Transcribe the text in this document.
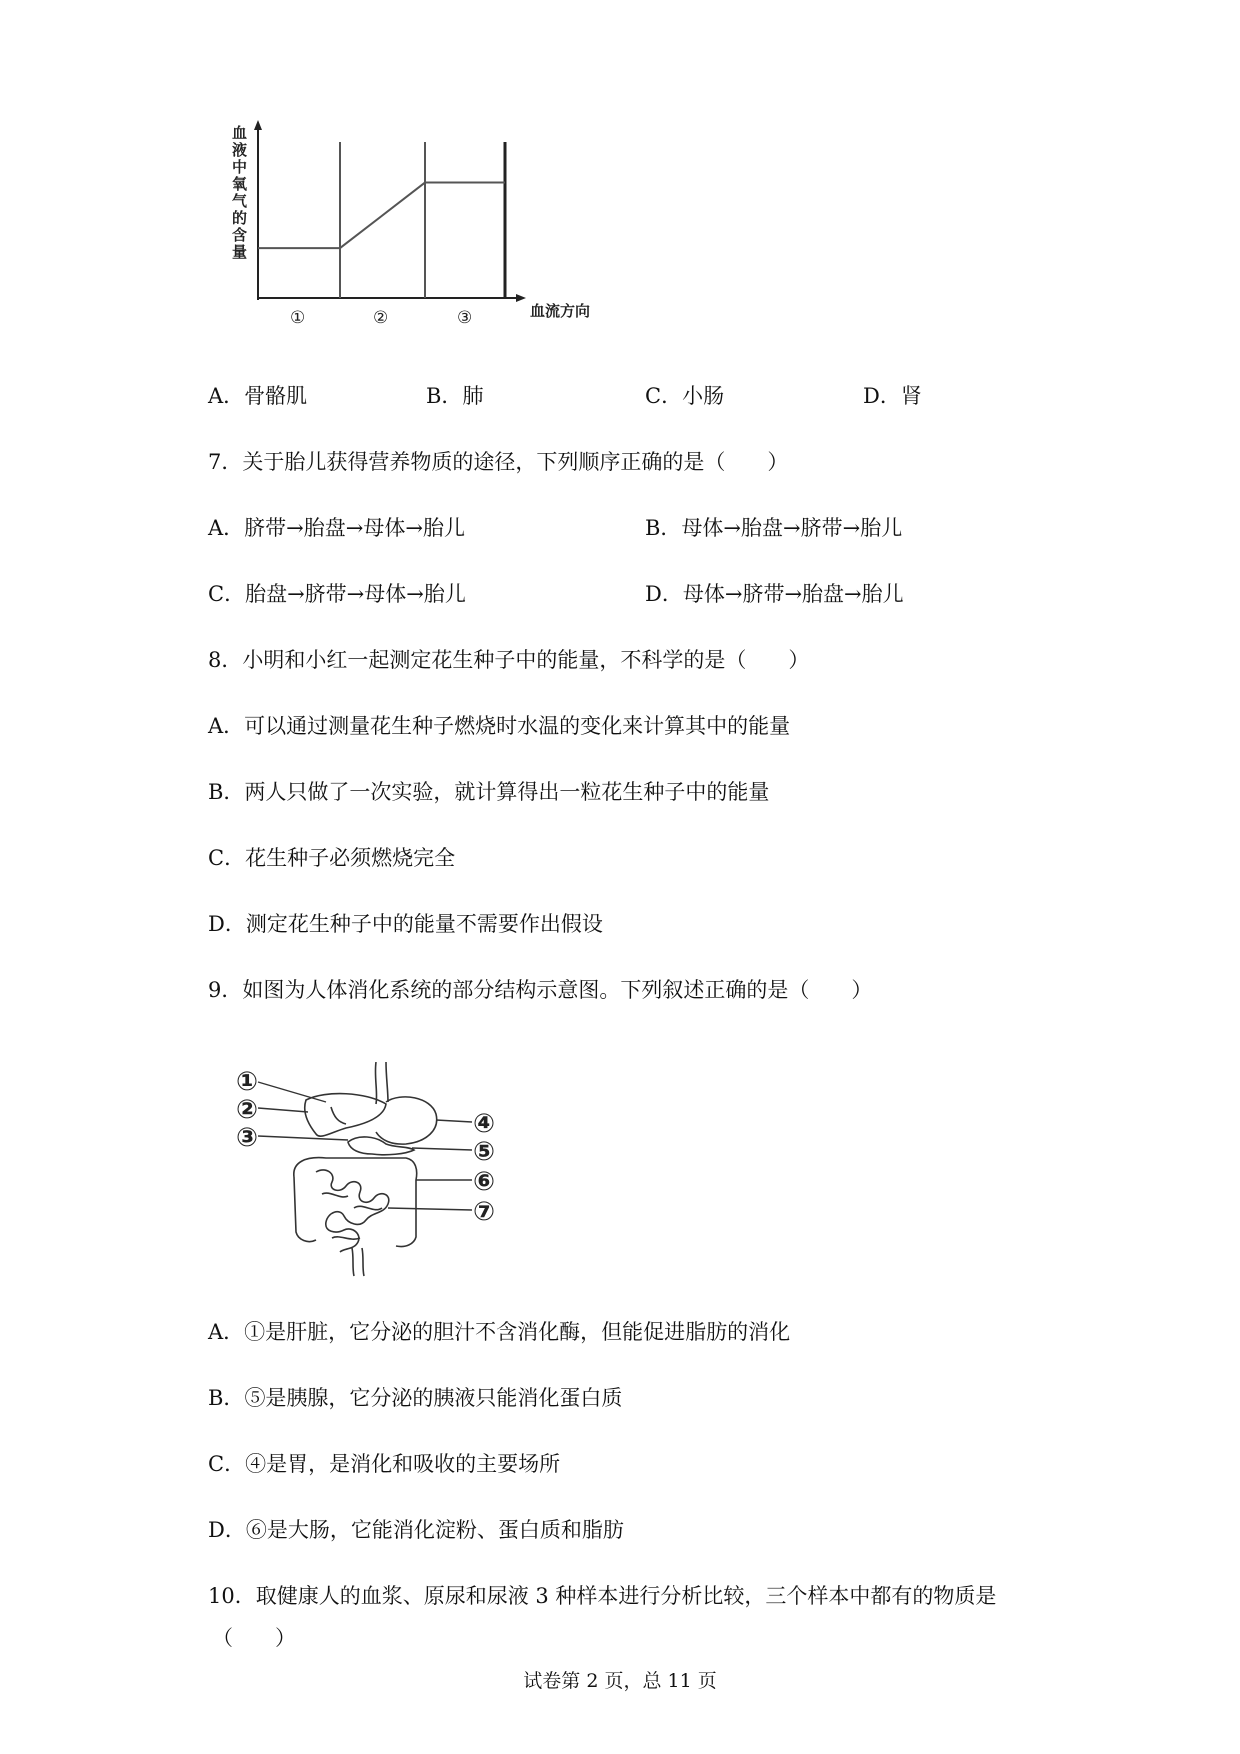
血液中氧气的含量
①	②	③	血流方向
A．骨骼肌	B．肺	C．小肠	D．肾
7．关于胎儿获得营养物质的途径，下列顺序正确的是（　　）
A．脐带→胎盘→母体→胎儿	B．母体→胎盘→脐带→胎儿
C．胎盘→脐带→母体→胎儿	D．母体→脐带→胎盘→胎儿
8．小明和小红一起测定花生种子中的能量，不科学的是（　　）
A．可以通过测量花生种子燃烧时水温的变化来计算其中的能量
B．两人只做了一次实验，就计算得出一粒花生种子中的能量
C．花生种子必须燃烧完全
D．测定花生种子中的能量不需要作出假设
9．如图为人体消化系统的部分结构示意图。下列叙述正确的是（　　）
①
②
③	④
⑤
⑥
⑦
A．①是肝脏，它分泌的胆汁不含消化酶，但能促进脂肪的消化
B．⑤是胰腺，它分泌的胰液只能消化蛋白质
C．④是胃，是消化和吸收的主要场所
D．⑥是大肠，它能消化淀粉、蛋白质和脂肪
10．取健康人的血浆、原尿和尿液 3 种样本进行分析比较，三个样本中都有的物质是
（　　）
试卷第 2 页，总 11 页
